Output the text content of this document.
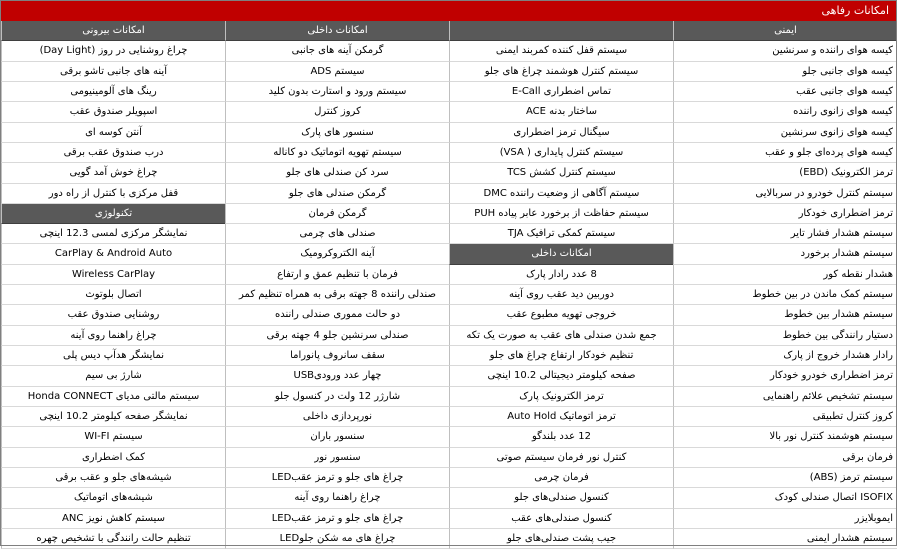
امکانات رفاهی
ایمنی
کیسه هوای راننده و سرنشین
کیسه هوای جانبی جلو
کیسه هوای جانبی عقب
کیسه هوای زانوی راننده
کیسه هوای زانوی سرنشین
کیسه هوای پرده‌ای جلو و عقب
ترمز الکترونیک (EBD)
سیستم کنترل خودرو در سربالایی
ترمز اضطراری خودکار
سیستم هشدار فشار تایر
سیستم هشدار برخورد
هشدار نقطه کور
سیستم کمک ماندن در بین خطوط
سیستم هشدار بین خطوط
دستیار رانندگی بین خطوط
رادار هشدار خروج از پارک
ترمز اضطراری خودرو خودکار
سیستم تشخیص علائم راهنمایی
کروز کنترل تطبیقی
سیستم هوشمند کنترل نور بالا
فرمان برقی
سیستم ترمز (ABS)
ISOFIX اتصال صندلی کودک
ایموبلایزر
سیستم هشدار ایمنی
سیستم قفل کننده کمربند ایمنی
سیستم کنترل هوشمند چراغ های جلو
تماس اضطراری E-Call
ساختار بدنه ACE
سیگنال ترمز اضطراری
سیستم کنترل پایداری ( VSA)
سیستم کنترل کشش TCS
سیستم آگاهی از وضعیت راننده DMC
سیستم حفاظت از برخورد عابر پیاده PUH
سیستم کمکی ترافیک TJA
امکانات داخلی
8 عدد رادار پارک
دوربین دید عقب روی آینه
خروجی تهویه مطبوع عقب
جمع شدن صندلی های عقب به صورت یک تکه
تنظیم خودکار ارتفاع چراغ های جلو
صفحه کیلومتر دیجیتالی 10.2 اینچی
ترمز الکترونیک پارک
ترمز اتوماتیک Auto Hold
12 عدد بلندگو
کنترل نور فرمان سیستم صوتی
فرمان چرمی
کنسول صندلی‌های جلو
کنسول صندلی‌های عقب
جیب پشت صندلی‌های جلو
امکانات داخلی
گرمکن آینه های جانبی
سیستم ADS
سیستم ورود و استارت بدون کلید
کروز کنترل
سنسور های پارک
سیستم تهویه اتوماتیک دو کاناله
سرد کن صندلی های جلو
گرمکن صندلی های جلو
گرمکن فرمان
صندلی های چرمی
آینه الکتروکرومیک
فرمان با تنظیم عمق و ارتفاع
صندلی راننده 8 جهته برقی به همراه تنظیم کمر
دو حالت مموری صندلی راننده
صندلی سرنشین جلو 4 جهته برقی
سقف سانروف پانوراما
چهار عدد ورودیUSB
شارژر 12 ولت در کنسول جلو
نورپردازی داخلی
سنسور باران
سنسور نور
چراغ های جلو و ترمز عقبLED
چراغ راهنما روی آینه
چراغ های جلو و ترمز عقبLED
چراغ های مه شکن جلوLED
امکانات بیرونی
چراغ روشنایی در روز (Day Light)
آینه های جانبی تاشو برقی
رینگ های آلومینیومی
اسپویلر صندوق عقب
آنتن کوسه ای
درب صندوق عقب برقی
چراغ خوش آمد گویی
قفل مرکزی با کنترل از راه دور
تکنولوژی
نمایشگر مرکزی لمسی 12.3 اینچی
CarPlay & Android Auto
Wireless CarPlay
اتصال بلوتوث
روشنایی صندوق عقب
چراغ راهنما روی آینه
نمایشگر هدآپ دیس پلی
شارژ بی سیم
سیستم مالتی مدیای Honda CONNECT
نمایشگر صفحه کیلومتر 10.2 اینچی
سیستم WI-FI
کمک اضطراری
شیشه‌های جلو و عقب برقی
شیشه‌های اتوماتیک
سیستم کاهش نویز ANC
تنظیم حالت رانندگی با تشخیص چهره
